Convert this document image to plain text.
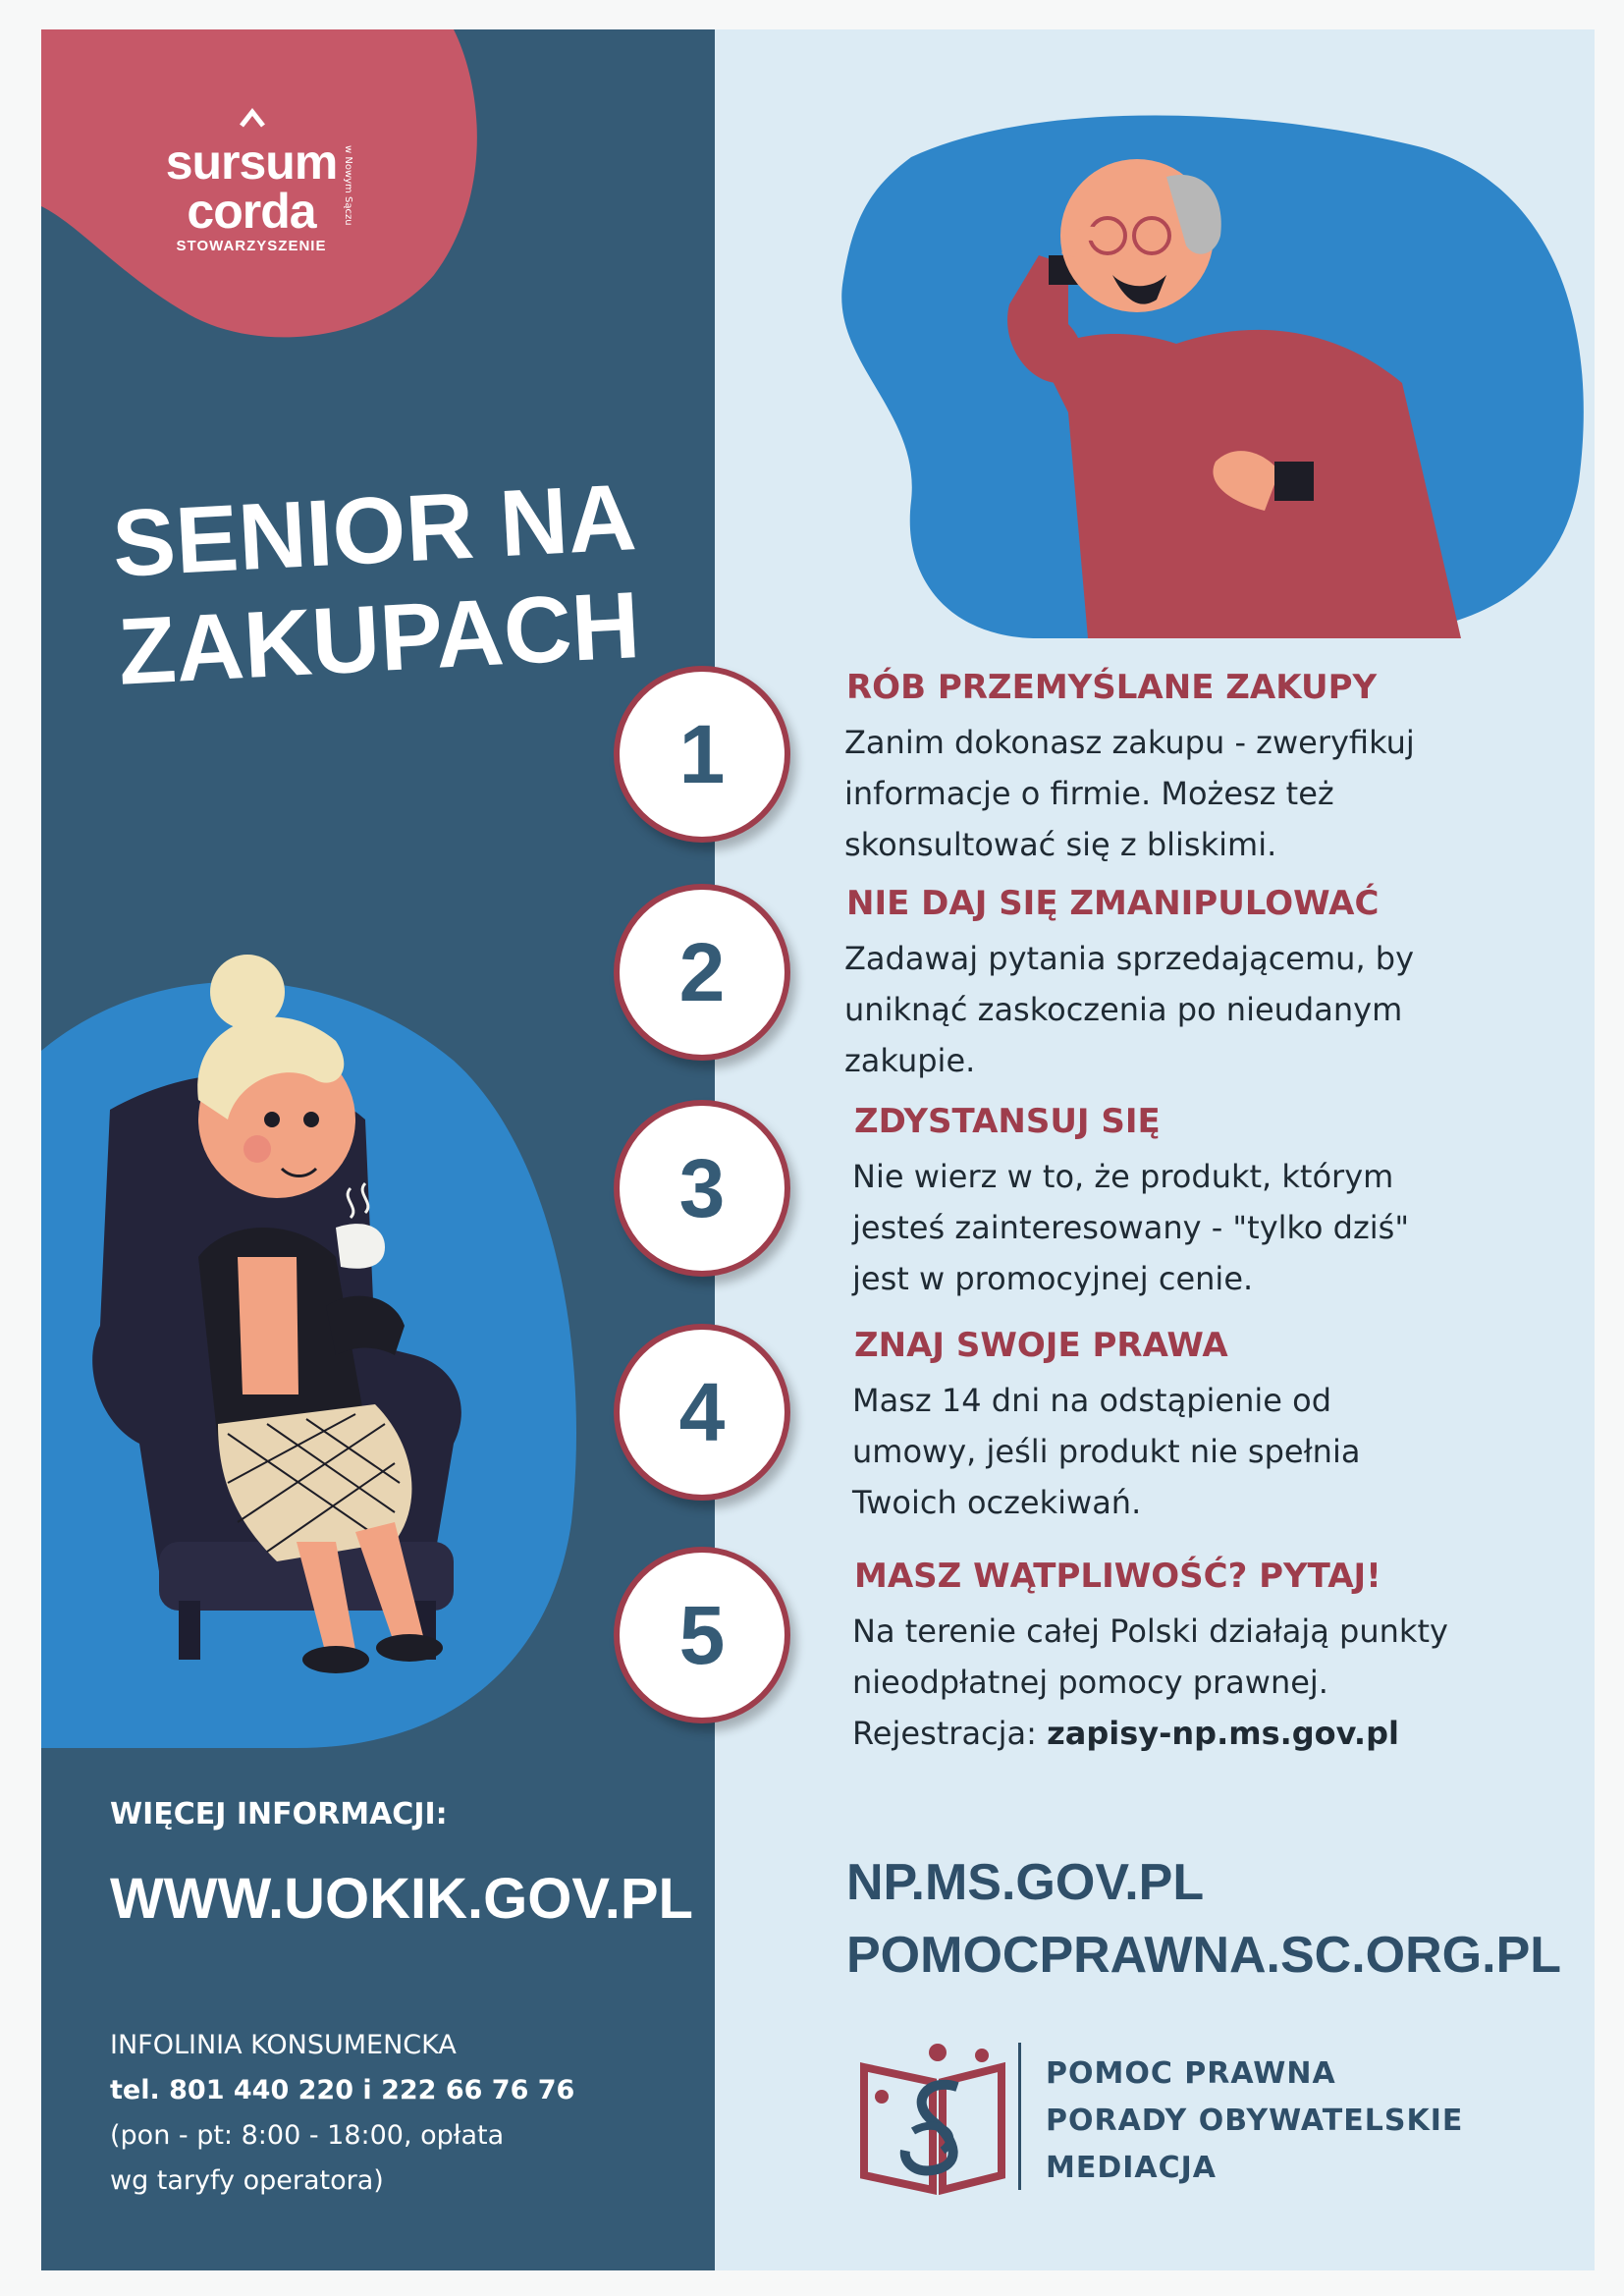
sursum
corda
STOWARZYSZENIE
w Nowym Sączu
SENIOR NA
ZAKUPACH
WIĘCEJ INFORMACJI:
WWW.UOKIK.GOV.PL
INFOLINIA KONSUMENCKA
tel. 801 440 220 i 222 66 76 76
(pon - pt: 8:00 - 18:00, opłata
wg taryfy operatora)
1
RÓB PRZEMYŚLANE ZAKUPY
Zanim dokonasz zakupu - zweryfikuj
informacje o firmie. Możesz też
skonsultować się z bliskimi.
2
NIE DAJ SIĘ ZMANIPULOWAĆ
Zadawaj pytania sprzedającemu, by
uniknąć zaskoczenia po nieudanym
zakupie.
3
ZDYSTANSUJ SIĘ
Nie wierz w to, że produkt, którym
jesteś zainteresowany - "tylko dziś"
jest w promocyjnej cenie.
4
ZNAJ SWOJE PRAWA
Masz 14 dni na odstąpienie od
umowy, jeśli produkt nie spełnia
Twoich oczekiwań.
5
MASZ WĄTPLIWOŚĆ? PYTAJ!
Na terenie całej Polski działają punkty
nieodpłatnej pomocy prawnej.
Rejestracja: zapisy-np.ms.gov.pl
NP.MS.GOV.PL
POMOCPRAWNA.SC.ORG.PL
POMOC PRAWNA
PORADY OBYWATELSKIE
MEDIACJA
